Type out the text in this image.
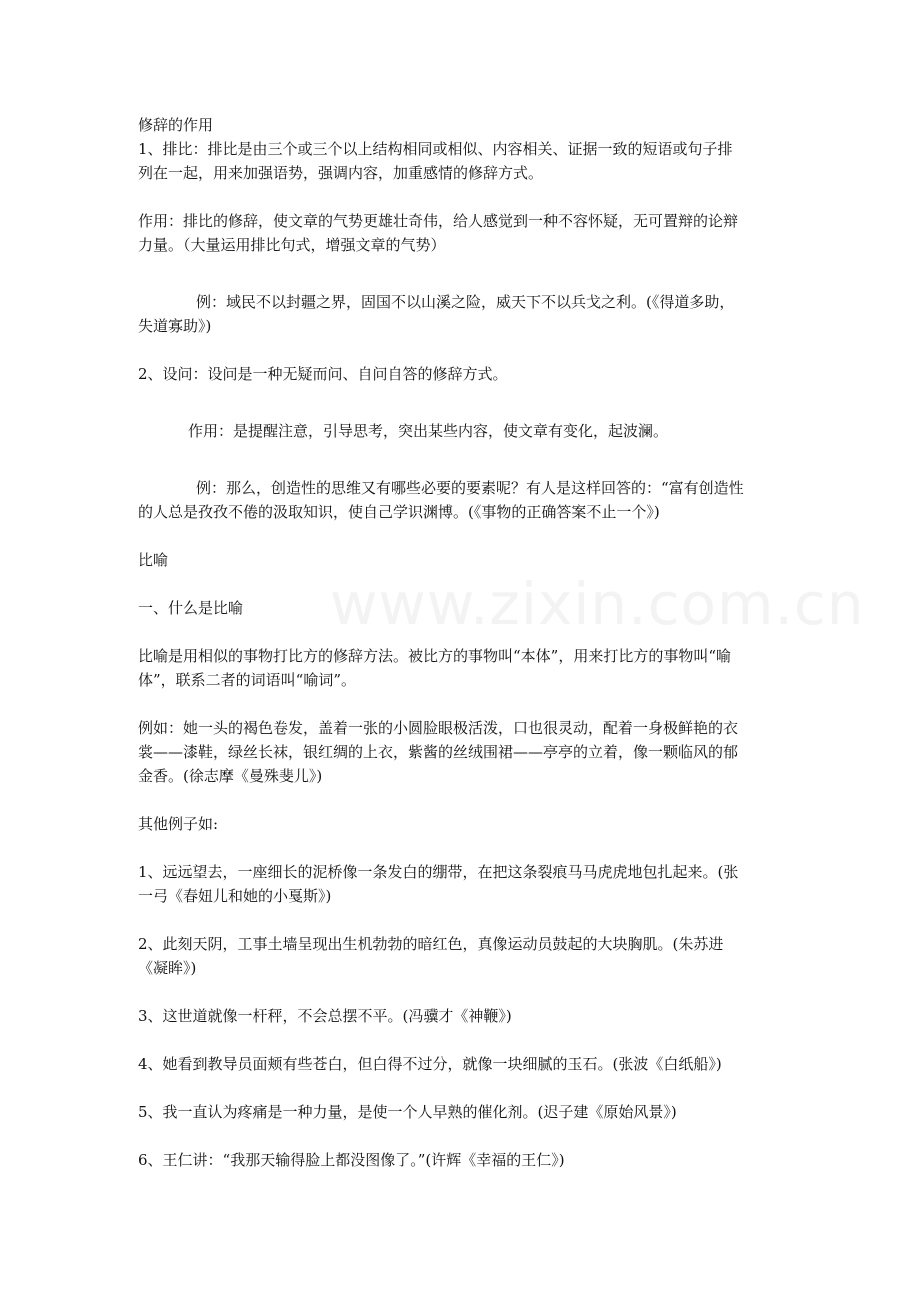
www.zixin.com.cn
修辞的作用
1、排比：排比是由三个或三个以上结构相同或相似、内容相关、证据一致的短语或句子排
列在一起，用来加强语势，强调内容，加重感情的修辞方式。
作用：排比的修辞，使文章的气势更雄壮奇伟，给人感觉到一种不容怀疑，无可置辩的论辩
力量。（大量运用排比句式，增强文章的气势）
例：域民不以封疆之界，固国不以山溪之险，威天下不以兵戈之利。(《得道多助，
失道寡助》)
2、设问：设问是一种无疑而问、自问自答的修辞方式。
作用：是提醒注意，引导思考，突出某些内容，使文章有变化，起波澜。
例：那么，创造性的思维又有哪些必要的要素呢？有人是这样回答的：“富有创造性
的人总是孜孜不倦的汲取知识，使自己学识渊博。(《事物的正确答案不止一个》)
比喻
一、什么是比喻
比喻是用相似的事物打比方的修辞方法。被比方的事物叫“本体”，用来打比方的事物叫“喻
体”，联系二者的词语叫“喻词”。
例如：她一头的褐色卷发，盖着一张的小圆脸眼极活泼，口也很灵动，配着一身极鲜艳的衣
裳——漆鞋，绿丝长袜，银红绸的上衣，紫酱的丝绒围裙——亭亭的立着，像一颗临风的郁
金香。(徐志摩《曼殊斐儿》)
其他例子如:
1、远远望去，一座细长的泥桥像一条发白的绷带，在把这条裂痕马马虎虎地包扎起来。(张
一弓《春妞儿和她的小戛斯》)
2、此刻天阴，工事土墙呈现出生机勃勃的暗红色，真像运动员鼓起的大块胸肌。(朱苏进
《凝眸》)
3、这世道就像一杆秤，不会总摆不平。(冯骥才《神鞭》)
4、她看到教导员面颊有些苍白，但白得不过分，就像一块细腻的玉石。(张波《白纸船》)
5、我一直认为疼痛是一种力量，是使一个人早熟的催化剂。(迟子建《原始风景》)
6、王仁讲：“我那天输得脸上都没图像了。”(许辉《幸福的王仁》)
